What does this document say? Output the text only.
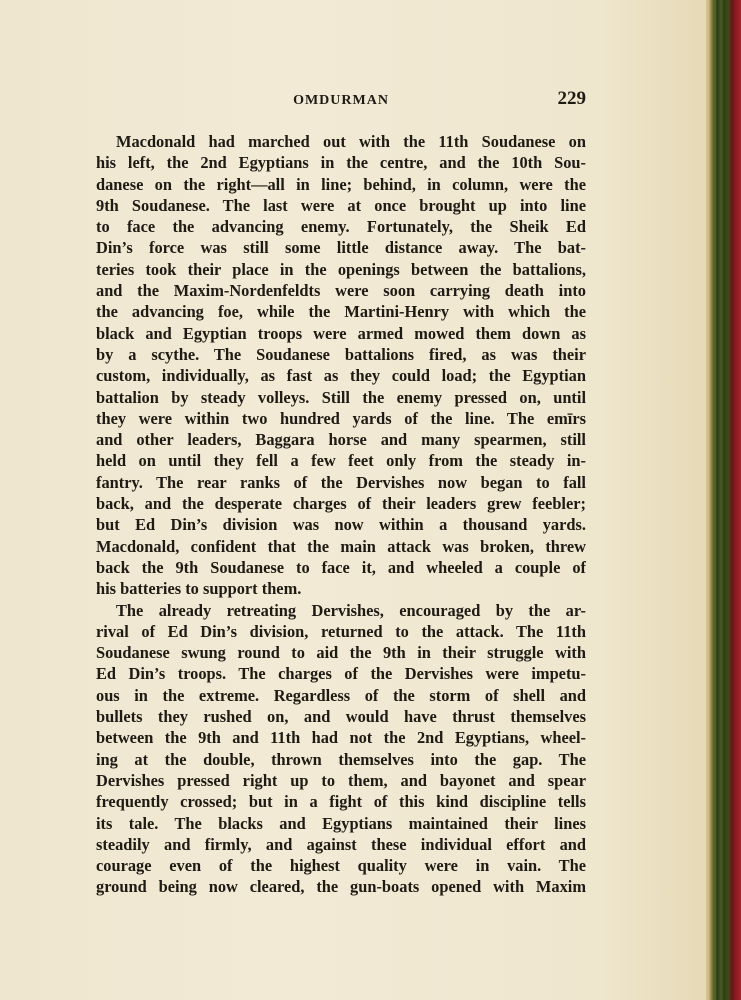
OMDURMAN	229
Macdonald had marched out with the 11th Soudanese on
his left, the 2nd Egyptians in the centre, and the 10th Sou-
danese on the right—all in line; behind, in column, were the
9th Soudanese. The last were at once brought up into line
to face the advancing enemy. Fortunately, the Sheik Ed
Din’s force was still some little distance away. The bat-
teries took their place in the openings between the battalions,
and the Maxim-Nordenfeldts were soon carrying death into
the advancing foe, while the Martini-Henry with which the
black and Egyptian troops were armed mowed them down as
by a scythe. The Soudanese battalions fired, as was their
custom, individually, as fast as they could load; the Egyptian
battalion by steady volleys. Still the enemy pressed on, until
they were within two hundred yards of the line. The emīrs
and other leaders, Baggara horse and many spearmen, still
held on until they fell a few feet only from the steady in-
fantry. The rear ranks of the Dervishes now began to fall
back, and the desperate charges of their leaders grew feebler;
but Ed Din’s division was now within a thousand yards.
Macdonald, confident that the main attack was broken, threw
back the 9th Soudanese to face it, and wheeled a couple of
his batteries to support them.
The already retreating Dervishes, encouraged by the ar-
rival of Ed Din’s division, returned to the attack. The 11th
Soudanese swung round to aid the 9th in their struggle with
Ed Din’s troops. The charges of the Dervishes were impetu-
ous in the extreme. Regardless of the storm of shell and
bullets they rushed on, and would have thrust themselves
between the 9th and 11th had not the 2nd Egyptians, wheel-
ing at the double, thrown themselves into the gap. The
Dervishes pressed right up to them, and bayonet and spear
frequently crossed; but in a fight of this kind discipline tells
its tale. The blacks and Egyptians maintained their lines
steadily and firmly, and against these individual effort and
courage even of the highest quality were in vain. The
ground being now cleared, the gun-boats opened with Maxim
